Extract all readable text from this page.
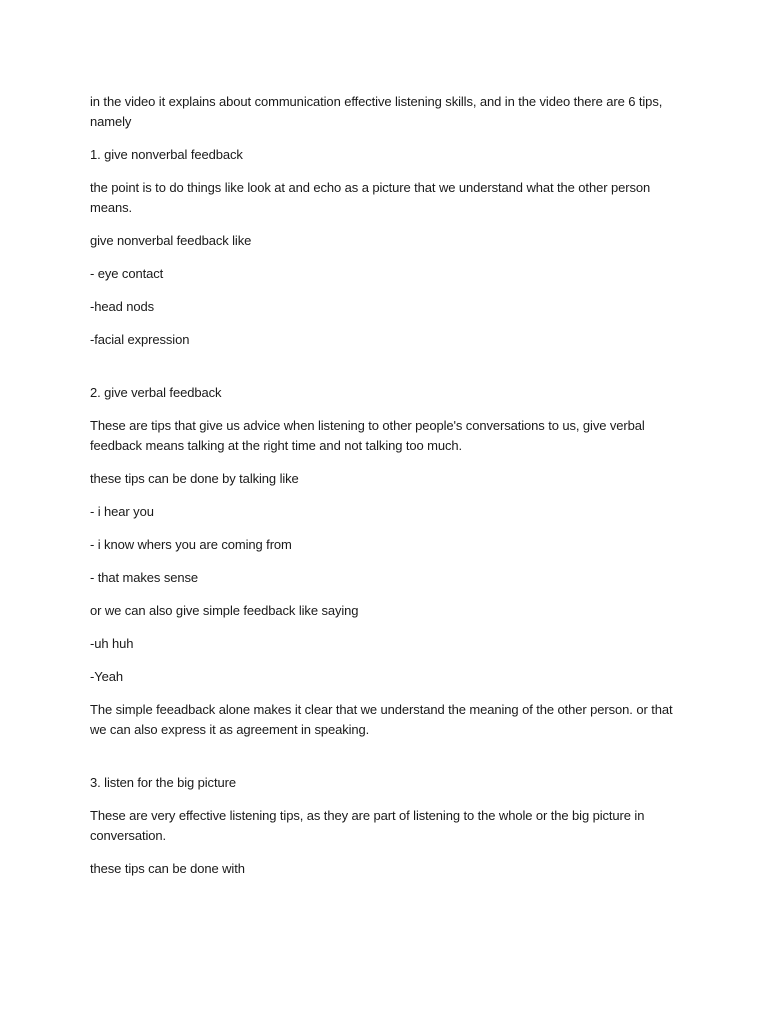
in the video it explains about communication effective listening skills, and in the video there are 6 tips, namely

1. give nonverbal feedback

the point is to do things like look at and echo as a picture that we understand what the other person means.

give nonverbal feedback like

- eye contact

-head nods

-facial expression

2. give verbal feedback

These are tips that give us advice when listening to other people's conversations to us, give verbal feedback means talking at the right time and not talking too much.

these tips can be done by talking like

- i hear you

- i know whers you are coming from

- that makes sense

or we can also give simple feedback like saying

-uh huh

-Yeah

The simple feeadback alone makes it clear that we understand the meaning of the other person. or that we can also express it as agreement in speaking.

3. listen for the big picture

These are very effective listening tips, as they are part of listening to the whole or the big picture in conversation.

these tips can be done with
